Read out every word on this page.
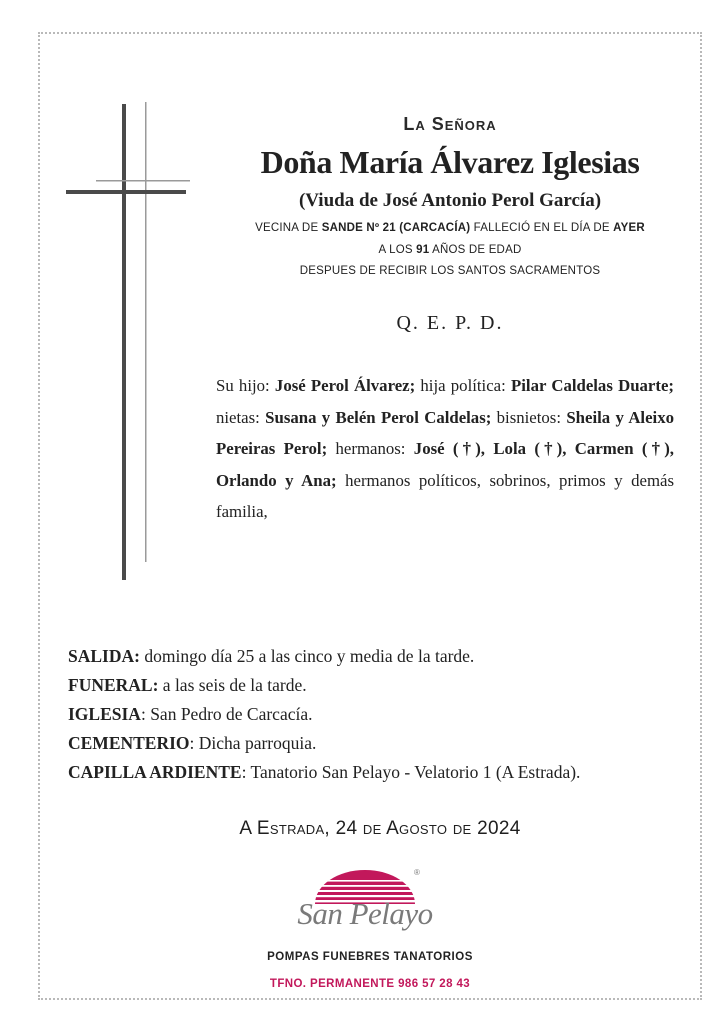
La Señora
Doña María Álvarez Iglesias
(Viuda de José Antonio Perol García)
VECINA DE SANDE Nº 21 (CARCACÍA) FALLECIÓ EN EL DÍA DE AYER
A LOS 91 AÑOS DE EDAD
DESPUES DE RECIBIR LOS SANTOS SACRAMENTOS
Q. E. P. D.
Su hijo: José Perol Álvarez; hija política: Pilar Caldelas Duarte; nietas: Susana y Belén Perol Caldelas; bisnietos: Sheila y Aleixo Pereiras Perol; hermanos: José (†), Lola (†), Carmen (†), Orlando y Ana; hermanos políticos, sobrinos, primos y demás familia,
SALIDA: domingo día 25 a las cinco y media de la tarde.
FUNERAL: a las seis de la tarde.
IGLESIA: San Pedro de Carcacía.
CEMENTERIO: Dicha parroquia.
CAPILLA ARDIENTE: Tanatorio San Pelayo - Velatorio 1 (A Estrada).
A Estrada, 24 de Agosto de 2024
®
San Pelayo
POMPAS FUNEBRES TANATORIOS
TFNO. PERMANENTE 986 57 28 43
